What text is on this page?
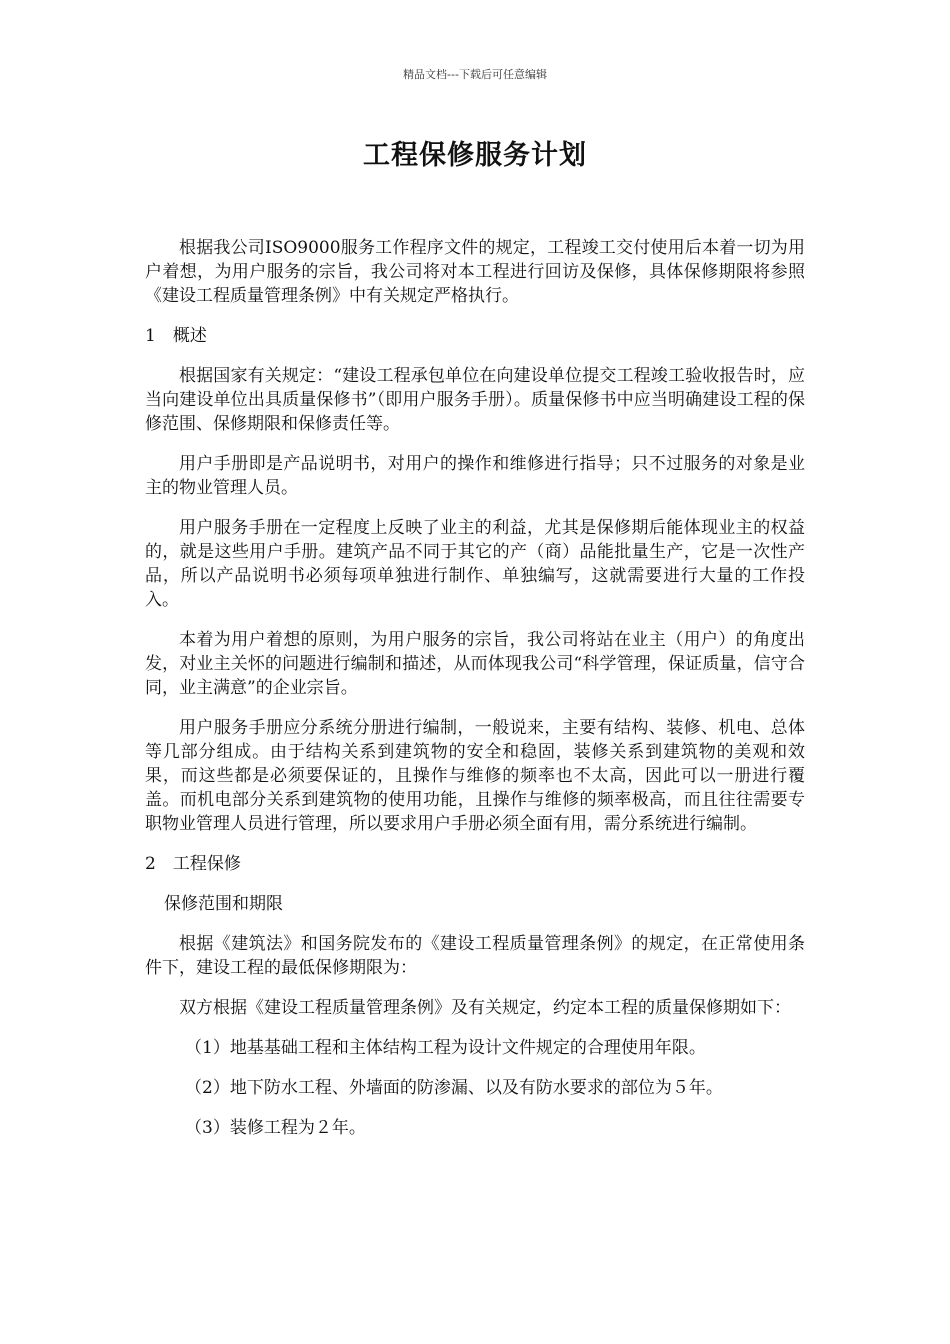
精品文档---下载后可任意编辑
工程保修服务计划

根据我公司ISO9000服务工作程序文件的规定，工程竣工交付使用后本着一切为用户着想，为用户服务的宗旨，我公司将对本工程进行回访及保修，具体保修期限将参照《建设工程质量管理条例》中有关规定严格执行。

1　概述

根据国家有关规定：“建设工程承包单位在向建设单位提交工程竣工验收报告时，应当向建设单位出具质量保修书”（即用户服务手册）。质量保修书中应当明确建设工程的保修范围、保修期限和保修责任等。

用户手册即是产品说明书，对用户的操作和维修进行指导；只不过服务的对象是业主的物业管理人员。

用户服务手册在一定程度上反映了业主的利益，尤其是保修期后能体现业主的权益的，就是这些用户手册。建筑产品不同于其它的产（商）品能批量生产，它是一次性产品，所以产品说明书必须每项单独进行制作、单独编写，这就需要进行大量的工作投入。

本着为用户着想的原则，为用户服务的宗旨，我公司将站在业主（用户）的角度出发，对业主关怀的问题进行编制和描述，从而体现我公司“科学管理，保证质量，信守合同，业主满意”的企业宗旨。

用户服务手册应分系统分册进行编制，一般说来，主要有结构、装修、机电、总体等几部分组成。由于结构关系到建筑物的安全和稳固，装修关系到建筑物的美观和效果，而这些都是必须要保证的，且操作与维修的频率也不太高，因此可以一册进行覆盖。而机电部分关系到建筑物的使用功能，且操作与维修的频率极高，而且往往需要专职物业管理人员进行管理，所以要求用户手册必须全面有用，需分系统进行编制。

2　工程保修

保修范围和期限

根据《建筑法》和国务院发布的《建设工程质量管理条例》的规定，在正常使用条件下，建设工程的最低保修期限为：

双方根据《建设工程质量管理条例》及有关规定，约定本工程的质量保修期如下：

（1）地基基础工程和主体结构工程为设计文件规定的合理使用年限。

（2）地下防水工程、外墙面的防渗漏、以及有防水要求的部位为５年。

（3）装修工程为２年。
